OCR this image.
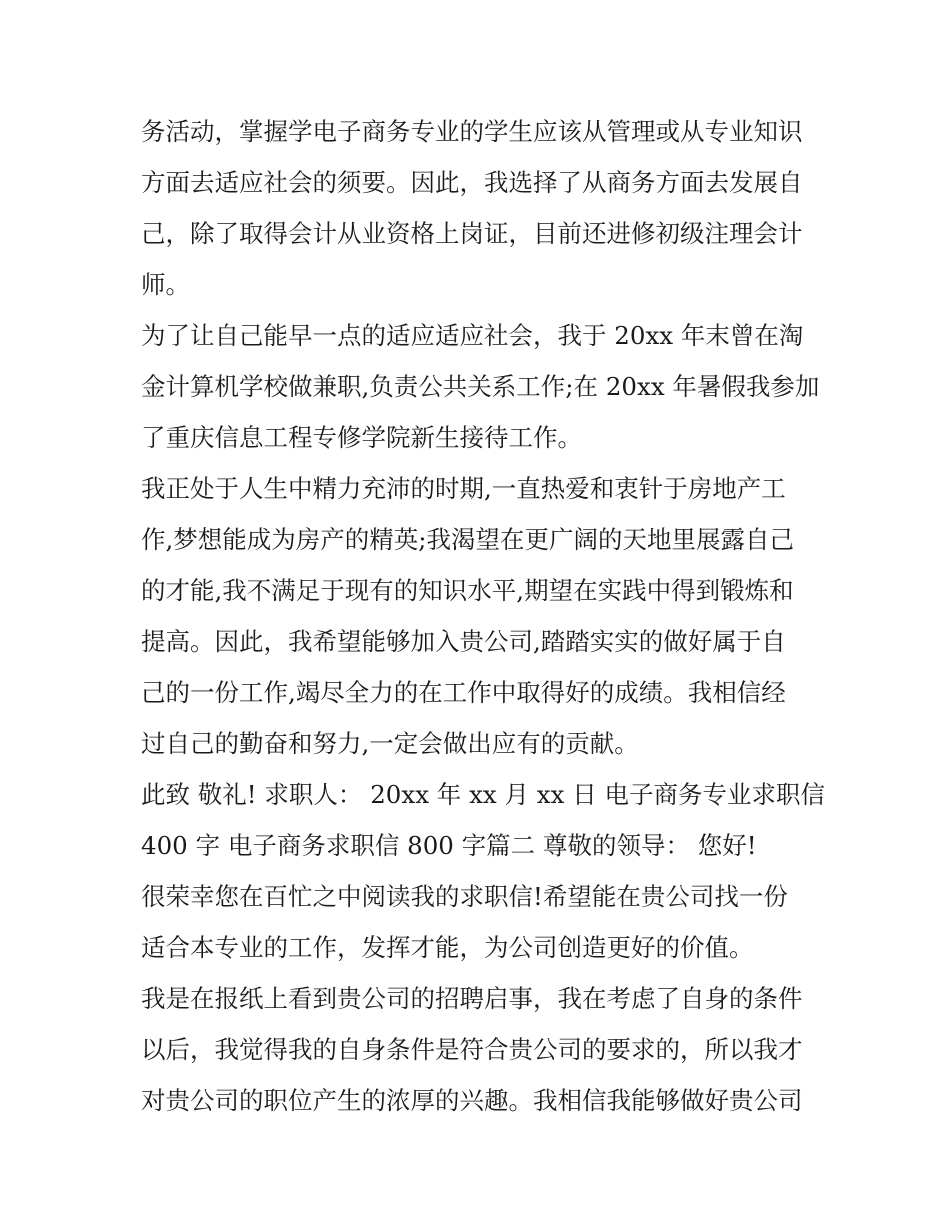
务活动，掌握学电子商务专业的学生应该从管理或从专业知识
方面去适应社会的须要。因此，我选择了从商务方面去发展自
己，除了取得会计从业资格上岗证，目前还进修初级注理会计
师。
为了让自己能早一点的适应适应社会，我于 20xx 年末曾在淘
金计算机学校做兼职,负责公共关系工作;在 20xx 年暑假我参加
了重庆信息工程专修学院新生接待工作。
我正处于人生中精力充沛的时期,一直热爱和衷针于房地产工
作,梦想能成为房产的精英;我渴望在更广阔的天地里展露自己
的才能,我不满足于现有的知识水平,期望在实践中得到锻炼和
提高。因此，我希望能够加入贵公司,踏踏实实的做好属于自
己的一份工作,竭尽全力的在工作中取得好的成绩。我相信经
过自己的勤奋和努力,一定会做出应有的贡献。
此致 敬礼! 求职人： 20xx 年 xx 月 xx 日 电子商务专业求职信
400 字 电子商务求职信 800 字篇二 尊敬的领导： 您好!
很荣幸您在百忙之中阅读我的求职信!希望能在贵公司找一份
适合本专业的工作，发挥才能，为公司创造更好的价值。
我是在报纸上看到贵公司的招聘启事，我在考虑了自身的条件
以后，我觉得我的自身条件是符合贵公司的要求的，所以我才
对贵公司的职位产生的浓厚的兴趣。我相信我能够做好贵公司
